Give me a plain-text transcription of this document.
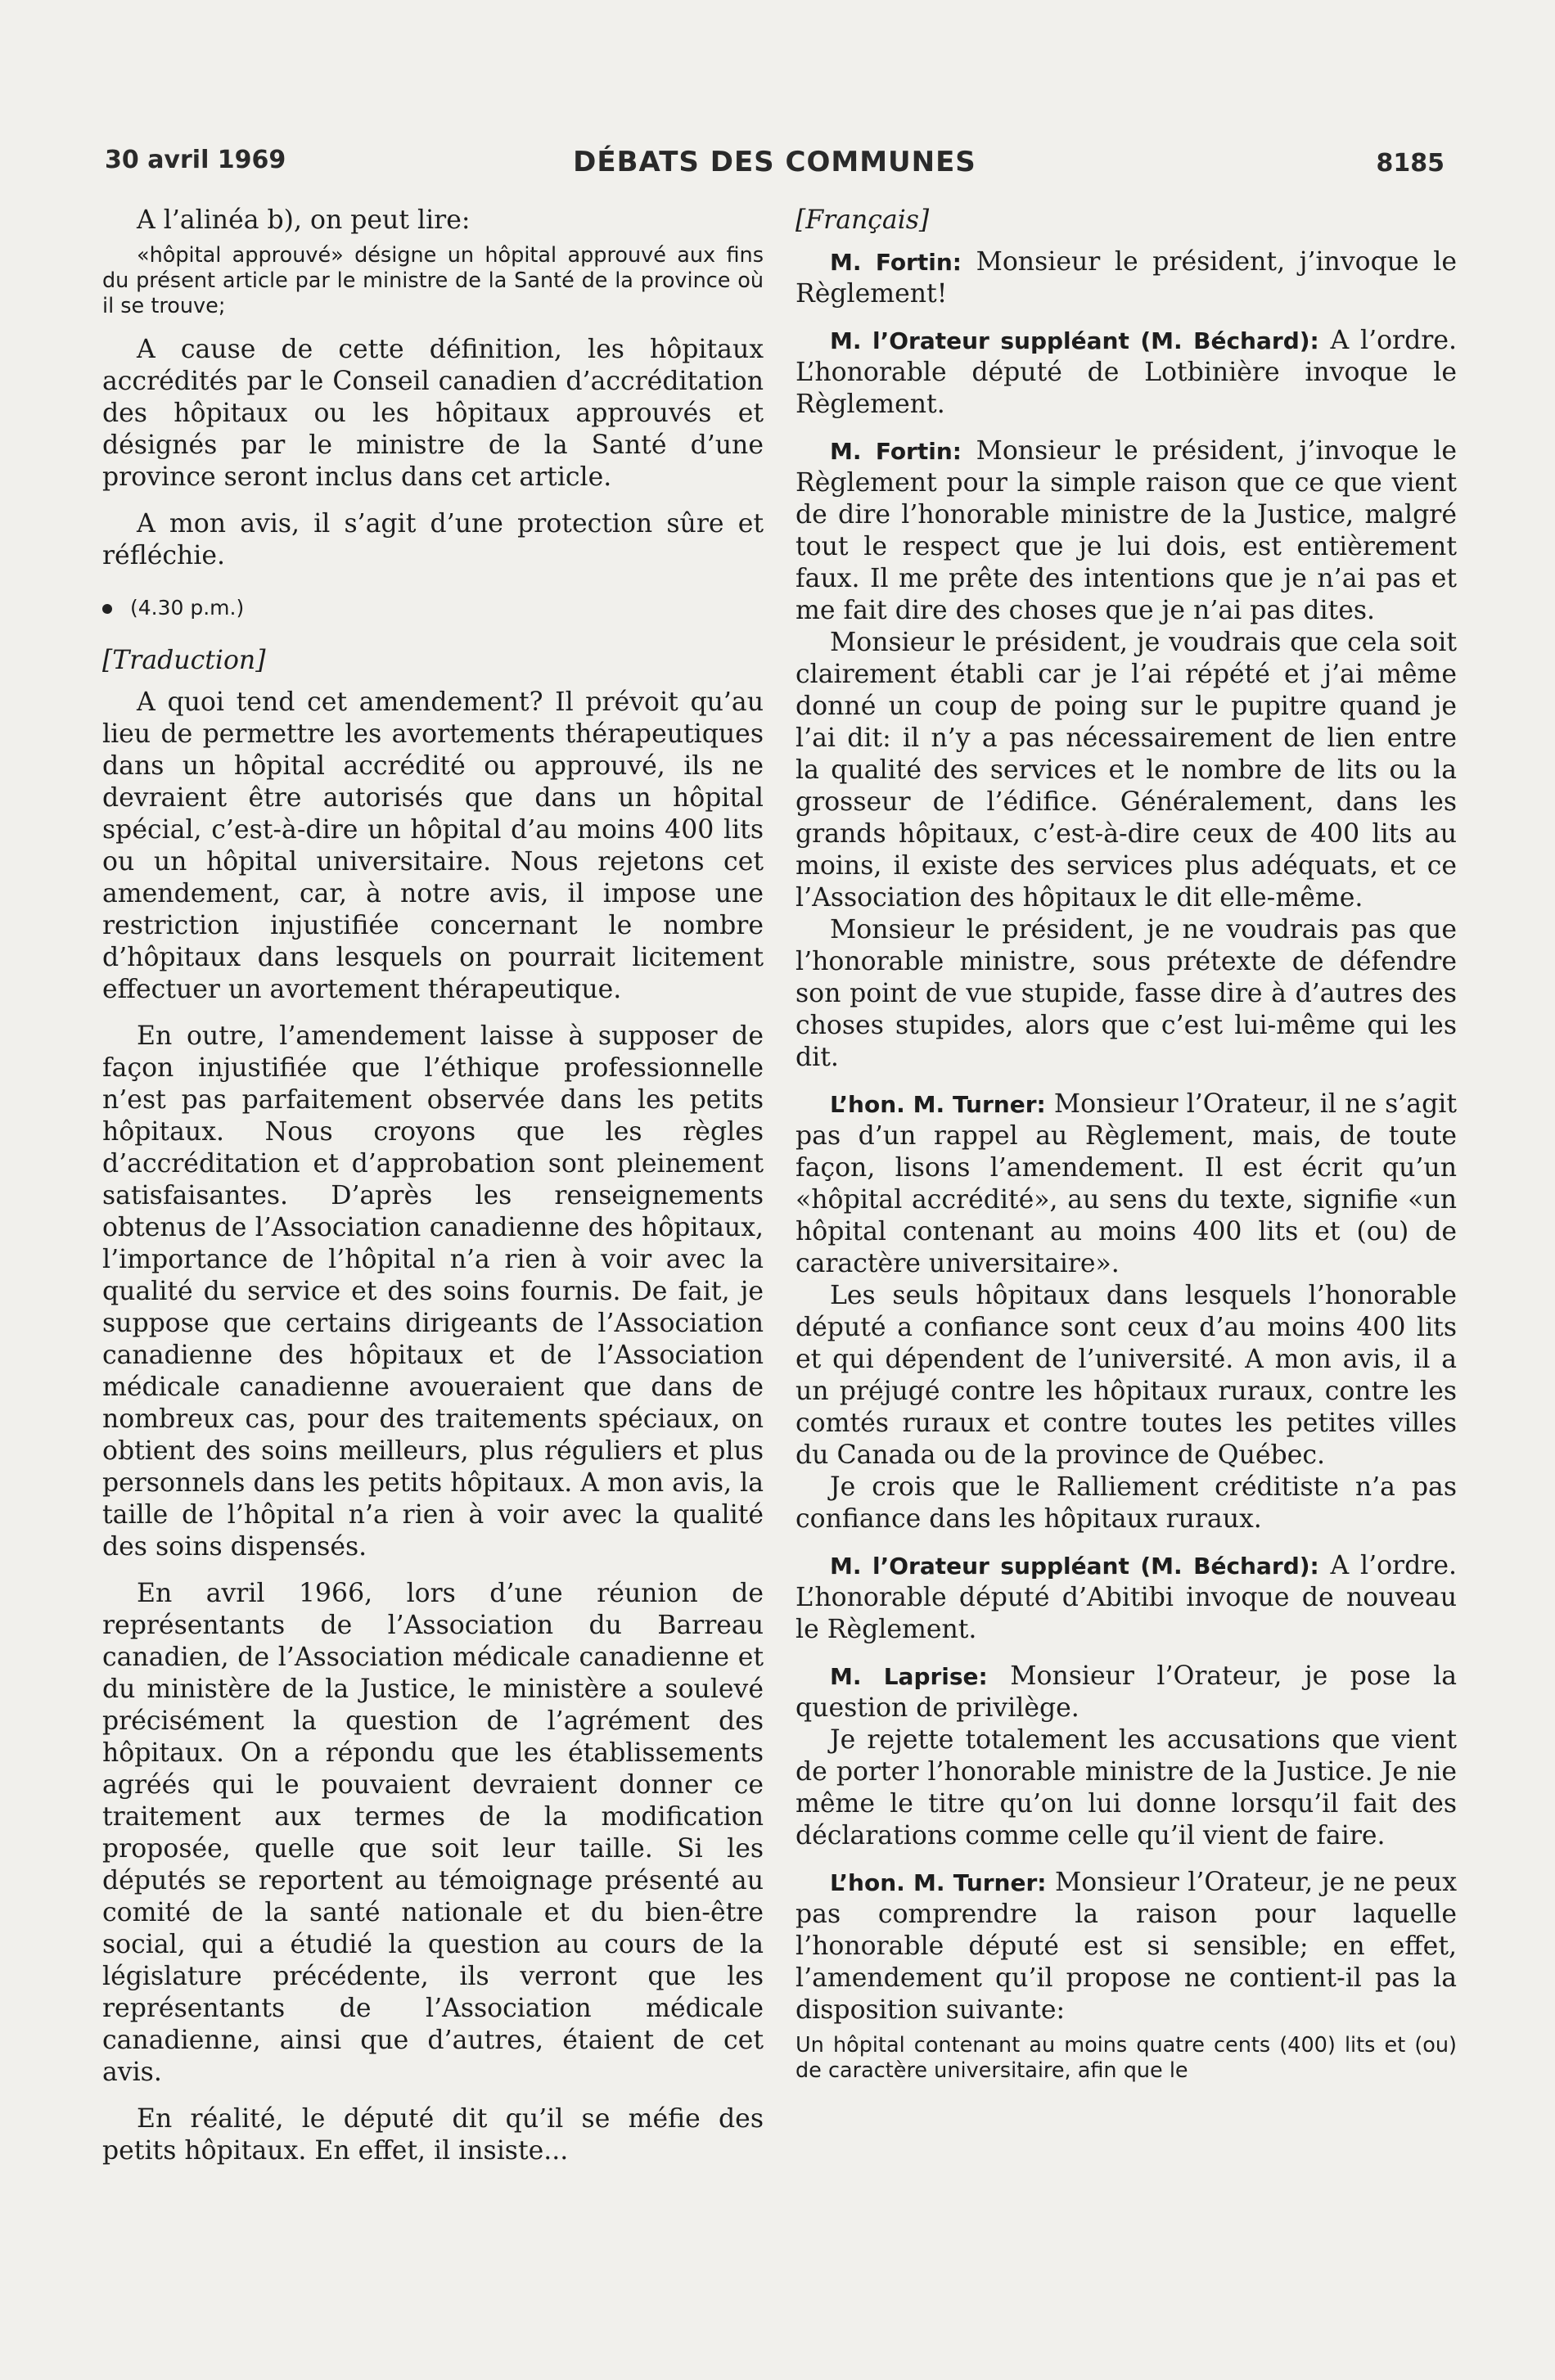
30 avril 1969	DÉBATS DES COMMUNES	8185

A l’alinéa b), on peut lire:

«hôpital approuvé» désigne un hôpital approuvé aux fins du présent article par le ministre de la Santé de la province où il se trouve;

A cause de cette définition, les hôpitaux accrédités par le Conseil canadien d’accréditation des hôpitaux ou les hôpitaux approuvés et désignés par le ministre de la Santé d’une province seront inclus dans cet article.

A mon avis, il s’agit d’une protection sûre et réfléchie.

(4.30 p.m.)

[Traduction]

A quoi tend cet amendement? Il prévoit qu’au lieu de permettre les avortements thérapeutiques dans un hôpital accrédité ou approuvé, ils ne devraient être autorisés que dans un hôpital spécial, c’est-à-dire un hôpital d’au moins 400 lits ou un hôpital universitaire. Nous rejetons cet amendement, car, à notre avis, il impose une restriction injustifiée concernant le nombre d’hôpitaux dans lesquels on pourrait licitement effectuer un avortement thérapeutique.

En outre, l’amendement laisse à supposer de façon injustifiée que l’éthique professionnelle n’est pas parfaitement observée dans les petits hôpitaux. Nous croyons que les règles d’accréditation et d’approbation sont pleinement satisfaisantes. D’après les renseignements obtenus de l’Association canadienne des hôpitaux, l’importance de l’hôpital n’a rien à voir avec la qualité du service et des soins fournis. De fait, je suppose que certains dirigeants de l’Association canadienne des hôpitaux et de l’Association médicale canadienne avoueraient que dans de nombreux cas, pour des traitements spéciaux, on obtient des soins meilleurs, plus réguliers et plus personnels dans les petits hôpitaux. A mon avis, la taille de l’hôpital n’a rien à voir avec la qualité des soins dispensés.

En avril 1966, lors d’une réunion de représentants de l’Association du Barreau canadien, de l’Association médicale canadienne et du ministère de la Justice, le ministère a soulevé précisément la question de l’agrément des hôpitaux. On a répondu que les établissements agréés qui le pouvaient devraient donner ce traitement aux termes de la modification proposée, quelle que soit leur taille. Si les députés se reportent au témoignage présenté au comité de la santé nationale et du bien-être social, qui a étudié la question au cours de la législature précédente, ils verront que les représentants de l’Association médicale canadienne, ainsi que d’autres, étaient de cet avis.

En réalité, le député dit qu’il se méfie des petits hôpitaux. En effet, il insiste...

[Français]

M. Fortin: Monsieur le président, j’invoque le Règlement!

M. l’Orateur suppléant (M. Béchard): A l’ordre. L’honorable député de Lotbinière invoque le Règlement.

M. Fortin: Monsieur le président, j’invoque le Règlement pour la simple raison que ce que vient de dire l’honorable ministre de la Justice, malgré tout le respect que je lui dois, est entièrement faux. Il me prête des intentions que je n’ai pas et me fait dire des choses que je n’ai pas dites.

Monsieur le président, je voudrais que cela soit clairement établi car je l’ai répété et j’ai même donné un coup de poing sur le pupitre quand je l’ai dit: il n’y a pas nécessairement de lien entre la qualité des services et le nombre de lits ou la grosseur de l’édifice. Généralement, dans les grands hôpitaux, c’est-à-dire ceux de 400 lits au moins, il existe des services plus adéquats, et ce l’Association des hôpitaux le dit elle-même.

Monsieur le président, je ne voudrais pas que l’honorable ministre, sous prétexte de défendre son point de vue stupide, fasse dire à d’autres des choses stupides, alors que c’est lui-même qui les dit.

L’hon. M. Turner: Monsieur l’Orateur, il ne s’agit pas d’un rappel au Règlement, mais, de toute façon, lisons l’amendement. Il est écrit qu’un «hôpital accrédité», au sens du texte, signifie «un hôpital contenant au moins 400 lits et (ou) de caractère universitaire».

Les seuls hôpitaux dans lesquels l’honorable député a confiance sont ceux d’au moins 400 lits et qui dépendent de l’université. A mon avis, il a un préjugé contre les hôpitaux ruraux, contre les comtés ruraux et contre toutes les petites villes du Canada ou de la province de Québec.

Je crois que le Ralliement créditiste n’a pas confiance dans les hôpitaux ruraux.

M. l’Orateur suppléant (M. Béchard): A l’ordre. L’honorable député d’Abitibi invoque de nouveau le Règlement.

M. Laprise: Monsieur l’Orateur, je pose la question de privilège.

Je rejette totalement les accusations que vient de porter l’honorable ministre de la Justice. Je nie même le titre qu’on lui donne lorsqu’il fait des déclarations comme celle qu’il vient de faire.

L’hon. M. Turner: Monsieur l’Orateur, je ne peux pas comprendre la raison pour laquelle l’honorable député est si sensible; en effet, l’amendement qu’il propose ne contient-il pas la disposition suivante:

Un hôpital contenant au moins quatre cents (400) lits et (ou) de caractère universitaire, afin que le
